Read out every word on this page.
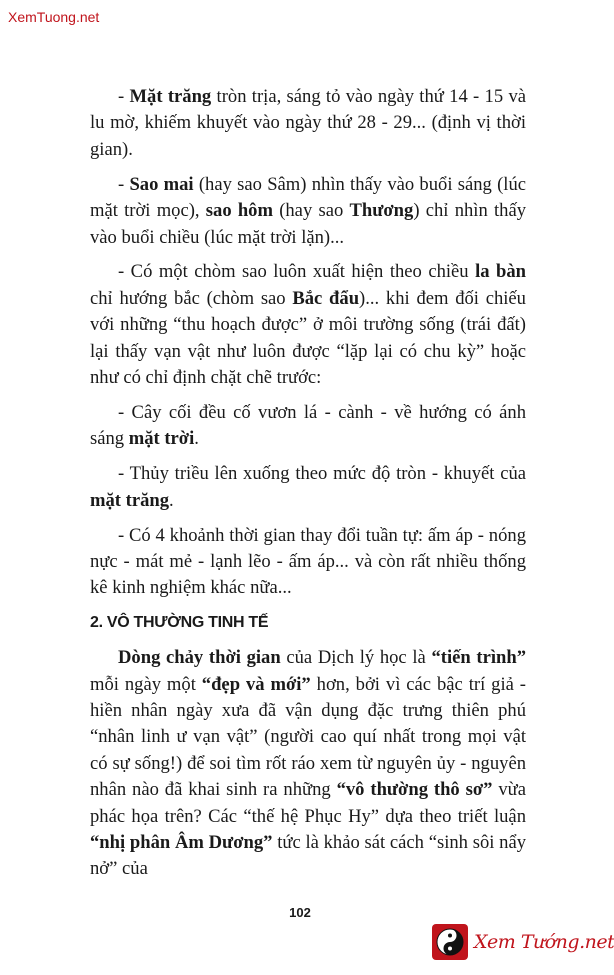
XemTuong.net

- Mặt trăng tròn trịa, sáng tỏ vào ngày thứ 14 - 15 và lu mờ, khiếm khuyết vào ngày thứ 28 - 29... (định vị thời gian).

- Sao mai (hay sao Sâm) nhìn thấy vào buổi sáng (lúc mặt trời mọc), sao hôm (hay sao Thương) chỉ nhìn thấy vào buổi chiều (lúc mặt trời lặn)...

- Có một chòm sao luôn xuất hiện theo chiều la bàn chỉ hướng bắc (chòm sao Bắc đẩu)... khi đem đối chiếu với những “thu hoạch được” ở môi trường sống (trái đất) lại thấy vạn vật như luôn được “lặp lại có chu kỳ” hoặc như có chỉ định chặt chẽ trước:

- Cây cối đều cố vươn lá - cành - về hướng có ánh sáng mặt trời.

- Thủy triều lên xuống theo mức độ tròn - khuyết của mặt trăng.

- Có 4 khoảnh thời gian thay đổi tuần tự: ấm áp - nóng nực - mát mẻ - lạnh lẽo - ấm áp... và còn rất nhiều thống kê kinh nghiệm khác nữa...

2. VÔ THƯỜNG TINH TẾ

Dòng chảy thời gian của Dịch lý học là “tiến trình” mỗi ngày một “đẹp và mới” hơn, bởi vì các bậc trí giả - hiền nhân ngày xưa đã vận dụng đặc trưng thiên phú “nhân linh ư vạn vật” (người cao quí nhất trong mọi vật có sự sống!) để soi tìm rốt ráo xem từ nguyên ủy - nguyên nhân nào đã khai sinh ra những “vô thường thô sơ” vừa phác họa trên? Các “thế hệ Phục Hy” dựa theo triết luận “nhị phân Âm Dương” tức là khảo sát cách “sinh sôi nẩy nở” của

102
Xem Tướng.net
